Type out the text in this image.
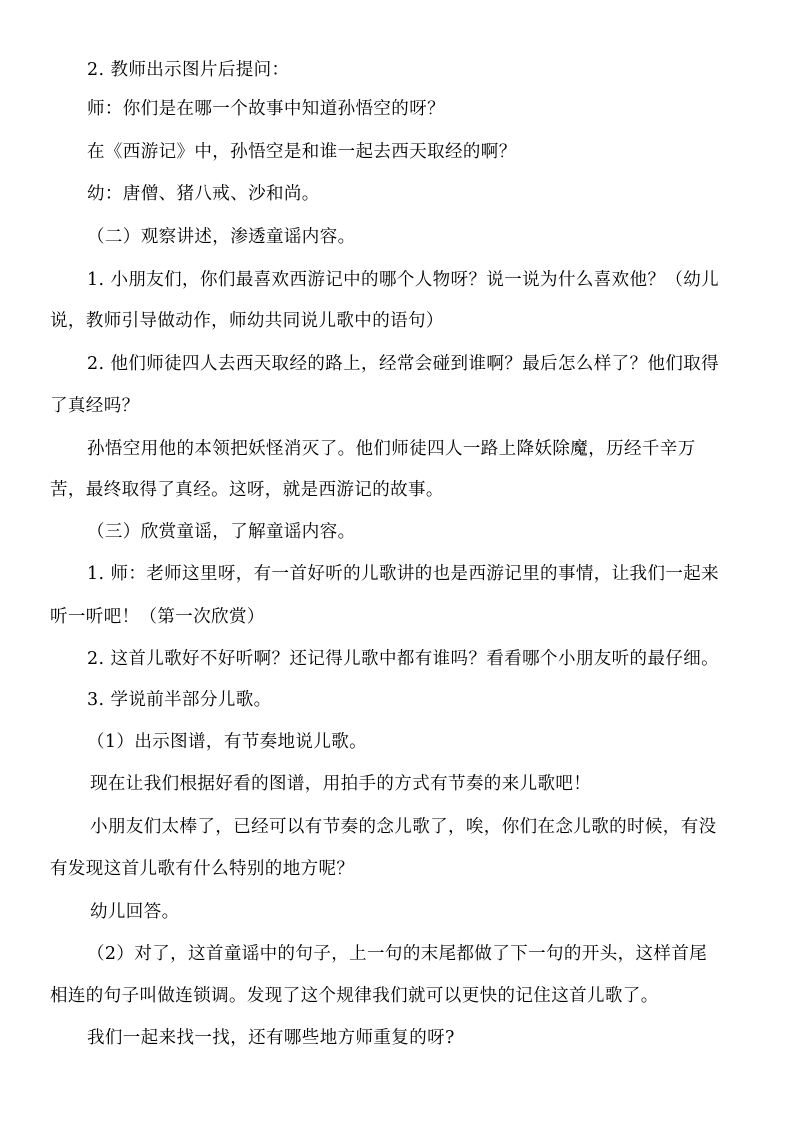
2. 教师出示图片后提问：

师：你们是在哪一个故事中知道孙悟空的呀？

在《西游记》中，孙悟空是和谁一起去西天取经的啊？

幼：唐僧、猪八戒、沙和尚。

（二）观察讲述，渗透童谣内容。

1. 小朋友们，你们最喜欢西游记中的哪个人物呀？说一说为什么喜欢他？（幼儿

说，教师引导做动作，师幼共同说儿歌中的语句）

2. 他们师徒四人去西天取经的路上，经常会碰到谁啊？最后怎么样了？他们取得

了真经吗？

孙悟空用他的本领把妖怪消灭了。他们师徒四人一路上降妖除魔，历经千辛万

苦，最终取得了真经。这呀，就是西游记的故事。

（三）欣赏童谣，了解童谣内容。

1. 师：老师这里呀，有一首好听的儿歌讲的也是西游记里的事情，让我们一起来

听一听吧！（第一次欣赏）

2. 这首儿歌好不好听啊？还记得儿歌中都有谁吗？看看哪个小朋友听的最仔细。

3. 学说前半部分儿歌。

（1）出示图谱，有节奏地说儿歌。

现在让我们根据好看的图谱，用拍手的方式有节奏的来儿歌吧！

小朋友们太棒了，已经可以有节奏的念儿歌了，唉，你们在念儿歌的时候，有没

有发现这首儿歌有什么特别的地方呢？

幼儿回答。

（2）对了，这首童谣中的句子，上一句的末尾都做了下一句的开头，这样首尾

相连的句子叫做连锁调。发现了这个规律我们就可以更快的记住这首儿歌了。

我们一起来找一找，还有哪些地方师重复的呀?
